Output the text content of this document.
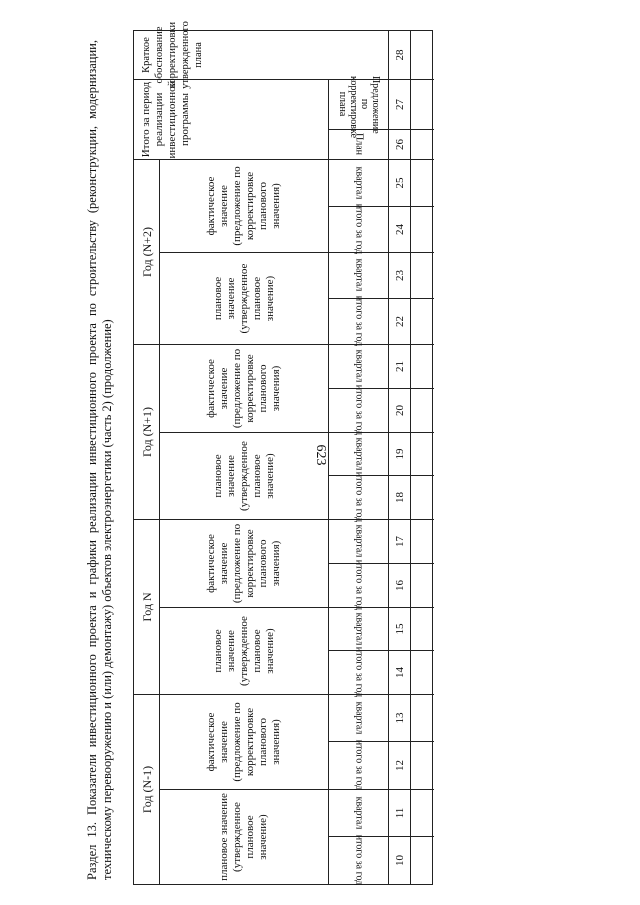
623
Раздел 13. Показатели инвестиционного проекта и графики реализации инвестиционного проекта по строительству (реконструкции, модернизации, техническому перевооружению и (или) демонтажу) объектов электроэнергетики (часть 2) (продолжение)	Год (N-1)
Год N
Год (N+1)
Год (N+2)
Итого за период реализации инвестиционной программы
Краткое обоснование корректировки утвержденного плана
плановое значение (утвержденное плановое значение)
фактическое значение (предложение по корректировке планового значения)
плановое значение (утвержденное плановое значение)
фактическое значение (предложение по корректировке планового значения)
плановое значение (утвержденное плановое значение)
фактическое значение (предложение по корректировке планового значения)
плановое значение (утвержденное плановое значение)
фактическое значение (предложение по корректировке планового значения)
итого за год
квартал
итого за год
квартал
итого за год
квартал
итого за год
квартал
итого за год
квартал
итого за год
квартал
итого за год
квартал
итого за год
квартал
План
Предложение по корректировке плана
10
11
12
13
14
15
16
17
18
19
20
21
22
23
24
25
26
27
28
